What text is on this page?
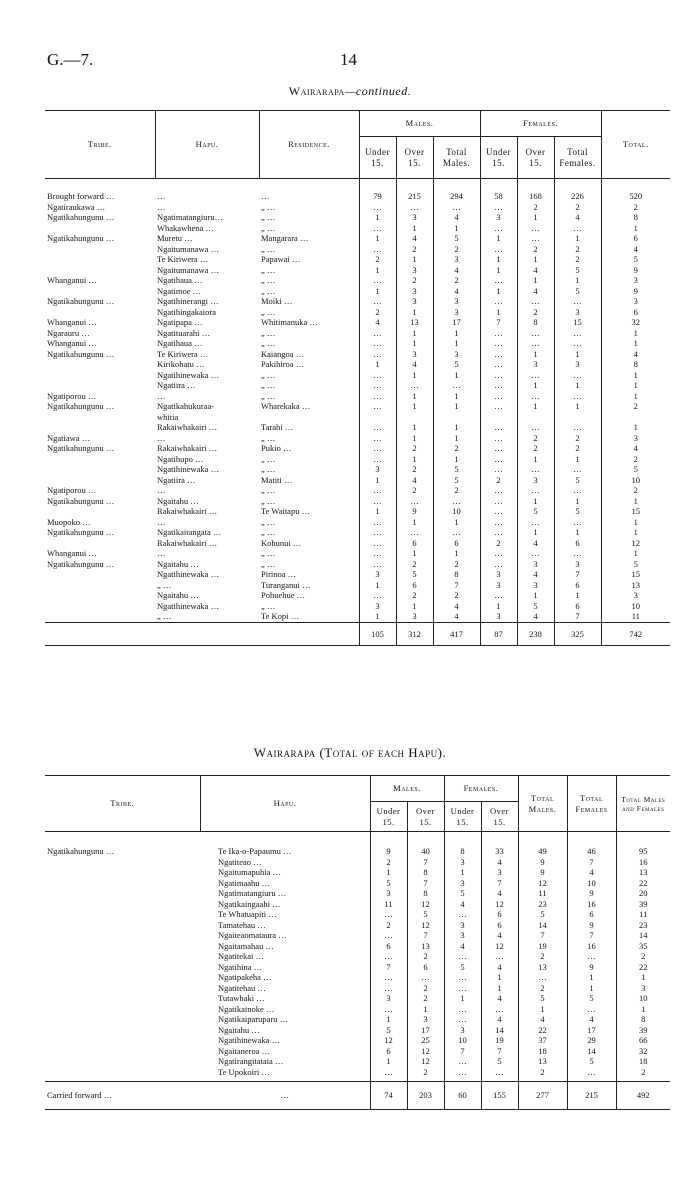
G.—7.	14
Wairarapa—continued.
Tribe.	Hapu.	Residence.	Males.			Females.			Total.
			Under 15.	Over 15.	Total Males.	Under 15.	Over 15.	Total Females.	
Brought forward …	…	…	79	215	294	58	168	226	520
Ngatiraukawa …	…	„ …	…	…	…	…	2	2	2
Ngatikahungunu …	Ngatimatangiuru…	„ …	1	3	4	3	1	4	8
	Whakawhena …	„ …	…	1	1	…	…	…	1
Ngatikahungunu …	Muretu …	Mangarara …	1	4	5	1	…	1	6
	Ngaitumanawa …	„ …	…	2	2	…	2	2	4
	Te Kiriwera …	Papawai …	2	1	3	1	1	2	5
	Ngaitumanawa …	„ …	1	3	4	1	4	5	9
Whanganui …	Ngatihaua …	„ …	…	2	2	…	1	1	3
	Ngatimoe …	„ …	1	3	4	1	4	5	9
Ngatikahungunu …	Ngatihinerangi …	Moiki …	…	3	3	…	…	…	3
	Ngatihingakaiora	„ …	2	1	3	1	2	3	6
Whanganui …	Ngatipapa …	Whitimanuka …	4	13	17	7	8	15	32
Ngarauru …	Ngatituarahi …	„ …	…	1	1	…	…	…	1
Whanganui …	Ngatihaua …	„ …	…	1	1	…	…	…	1
Ngatikahungunu …	Te Kiriwera …	Kaiangoa …	…	3	3	…	1	1	4
	Kirikohatu …	Pakihiroa …	1	4	5	…	3	3	8
	Ngatihinewaka …	„ …	…	1	1	…	…	…	1
	Ngatiira …	„ …	…	…	…	…	1	1	1
Ngatiporou …	…	„ …	…	1	1	…	…	…	1
Ngatikahungunu …	Ngatikahukuraa-	Wharekaka …	…	1	1	…	1	1	2
	whitia								
	Rakaiwhakairi …	Tarahi …	…	1	1	…	…	…	1
Ngatiawa …	…	„ …	…	1	1	…	2	2	3
Ngatikahungunu …	Rakaiwhakairi …	Pukio …	…	2	2	…	2	2	4
	Ngatihupo …	„ …	…	1	1	…	1	1	2
	Ngatihinewaka …	„ …	3	2	5	…	…	…	5
	Ngatiira …	Matiti …	1	4	5	2	3	5	10
Ngatiporou …	…	„ …	…	2	2	…	…	…	2
Ngatikahungunu …	Ngaitahu …	„ …	…	…	…	…	1	1	1
	Rakaiwhakairi …	Te Waitapu …	1	9	10	…	5	5	15
Muopoko …	…	„ …	…	1	1	…	…	…	1
Ngatikahungunu …	Ngatikaitangata …	„ …	…	…	…	…	1	1	1
	Rakaiwhakairi …	Kohunui …	…	6	6	2	4	6	12
Whanganui …	…	„ …	…	1	1	…	…	…	1
Ngatikahungunu …	Ngaitahu …	„ …	…	2	2	…	3	3	5
	Ngatihinewaka …	Pirinoa …	3	5	8	3	4	7	15
	„ …	Turanganui …	1	6	7	3	3	6	13
	Ngaitahu …	Pohuehue …	…	2	2	…	1	1	3
	Ngatihinewaka …	„ …	3	1	4	1	5	6	10
	„ …	Te Kopi …	1	3	4	3	4	7	11
			105	312	417	87	238	325	742
Wairarapa (Total of each Hapu).
Tribe.	Hapu.	Males.		Females.		Total Males.	Total Females	Total Males and Females
		Under 15.	Over 15.	Under 15.	Over 15.			
Ngatikahungunu …	Te Ika-o-Papaumu …	9	40	8	33	49	46	95
	Ngatiteao …	2	7	3	4	9	7	16
	Ngaitumapuhia …	1	8	1	3	9	4	13
	Ngatimaahu …	5	7	3	7	12	10	22
	Ngatimatangiuru …	3	8	5	4	11	9	20
	Ngatikaingaahi …	11	12	4	12	23	16	39
	Te Whatuapiti …	…	5	…	6	5	6	11
	Tamatehau …	2	12	3	6	14	9	23
	Ngaiteaomataura …	…	7	3	4	7	7	14
	Ngaitamahau …	6	13	4	12	19	16	35
	Ngatitekai …	…	2	…	…	2	…	2
	Ngatihina …	7	6	5	4	13	9	22
	Ngatipakeha …	…	…	…	1	…	1	1
	Ngatitehau …	…	2	…	1	2	1	3
	Tutawhaki …	3	2	1	4	5	5	10
	Ngatikainoke …	…	1	…	…	1	…	1
	Ngatikaiparuparu …	1	3	…	4	4	4	8
	Ngaitahu …	5	17	3	14	22	17	39
	Ngatihinewaka …	12	25	10	19	37	29	66
	Ngaitaneroa …	6	12	7	7	18	14	32
	Ngatirangitataia …	1	12	…	5	13	5	18
	Te Upokoiri …	…	2	…	…	2	…	2
Carried forward …	…	74	203	60	155	277	215	492
